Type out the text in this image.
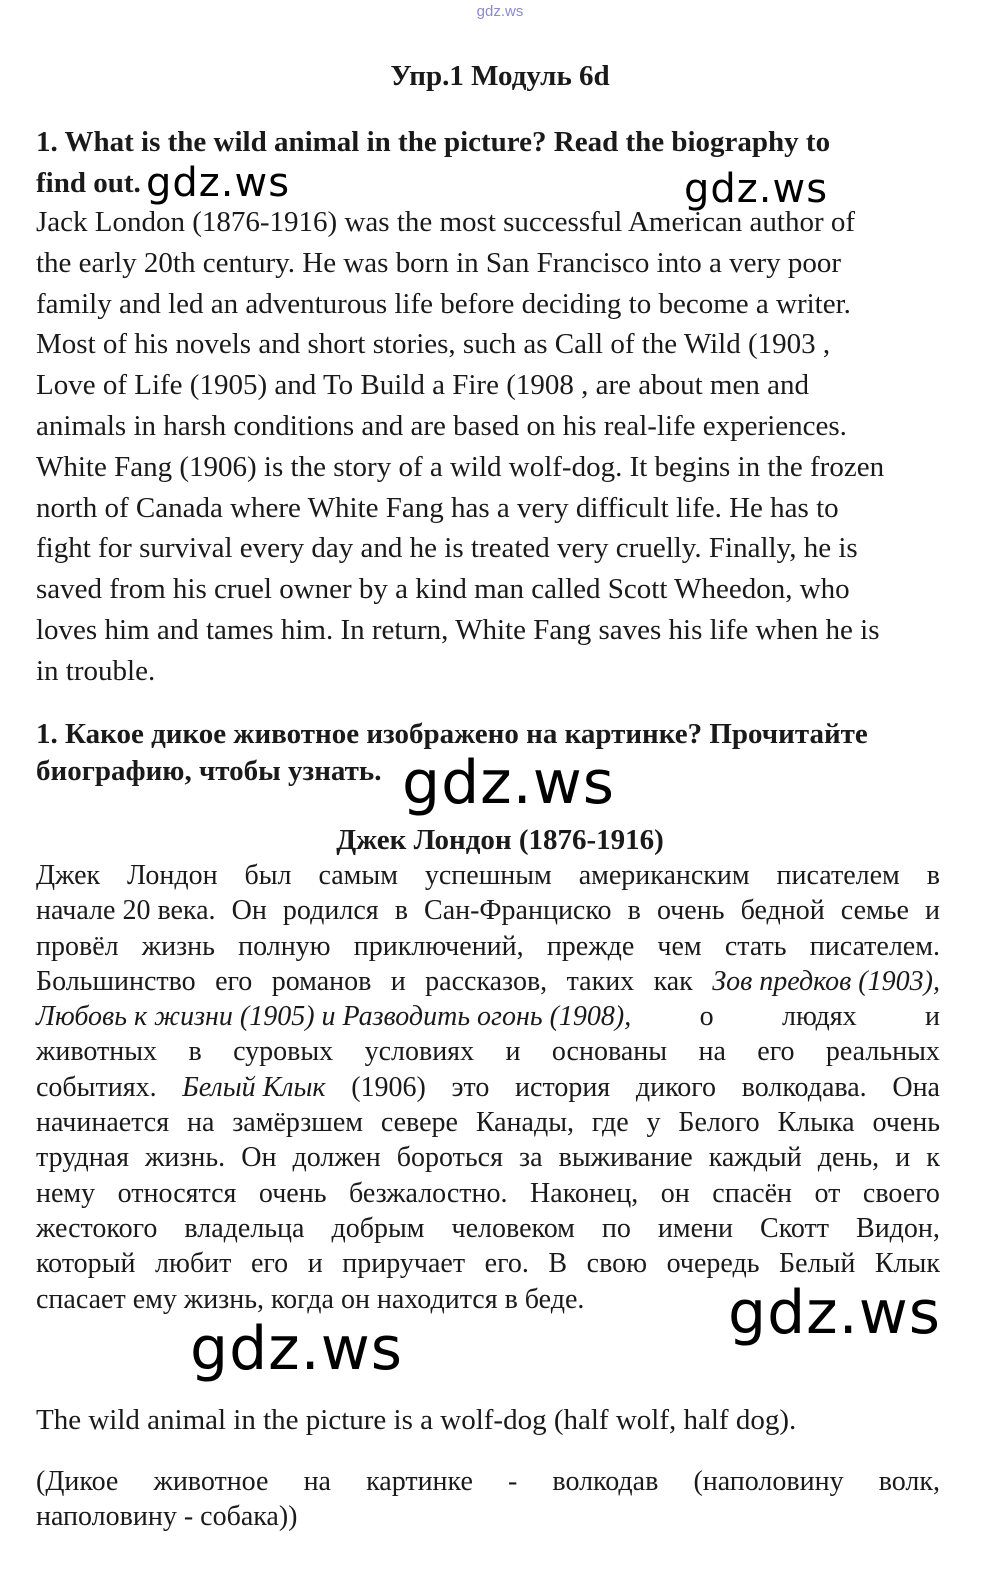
gdz.ws
Упр.1 Модуль 6d
1. What is the wild animal in the picture? Read the biography to
find out.
Jack London (1876-1916) was the most successful American author of
the early 20th century. He was born in San Francisco into a very poor
family and led an adventurous life before deciding to become a writer.
Most of his novels and short stories, such as Call of the Wild (1903 ,
Love of Life (1905) and To Build a Fire (1908 , are about men and
animals in harsh conditions and are based on his real-life experiences.
White Fang (1906) is the story of a wild wolf-dog. It begins in the frozen
north of Canada where White Fang has a very difficult life. He has to
fight for survival every day and he is treated very cruelly. Finally, he is
saved from his cruel owner by a kind man called Scott Wheedon, who
loves him and tames him. In return, White Fang saves his life when he is
in trouble.
1. Какое дикое животное изображено на картинке? Прочитайте
биографию, чтобы узнать.
Джек Лондон (1876-1916)
Джек Лондон был самым успешным американским писателем в
началe 20 века. Он родился в Сан-Франциско в очень бедной семье и
провёл жизнь полную приключений, прежде чем стать писателем.
Большинство его романов и рассказов, таких как Зов предков (1903),
Любовь к жизни (1905) и Разводить огонь (1908), о людях и
животных в суровых условиях и основаны на его реальных
событиях. Белый Клык (1906) это история дикого волкодава. Она
начинается на замёрзшем севере Канады, где у Белого Клыка очень
трудная жизнь. Он должен бороться за выживание каждый день, и к
нему относятся очень безжалостно. Наконец, он спасён от своего
жестокого владельца добрым человеком по имени Скотт Видон,
который любит его и приручает его. В свою очередь Белый Клык
спасает ему жизнь, когда он находится в беде.
The wild animal in the picture is a wolf-dog (half wolf, half dog).
(Дикое животное на картинке - волкодав (наполовину волк,
наполовину - собака))
gdz.ws	gdz.ws
gdz.ws
gdz.ws
gdz.ws
